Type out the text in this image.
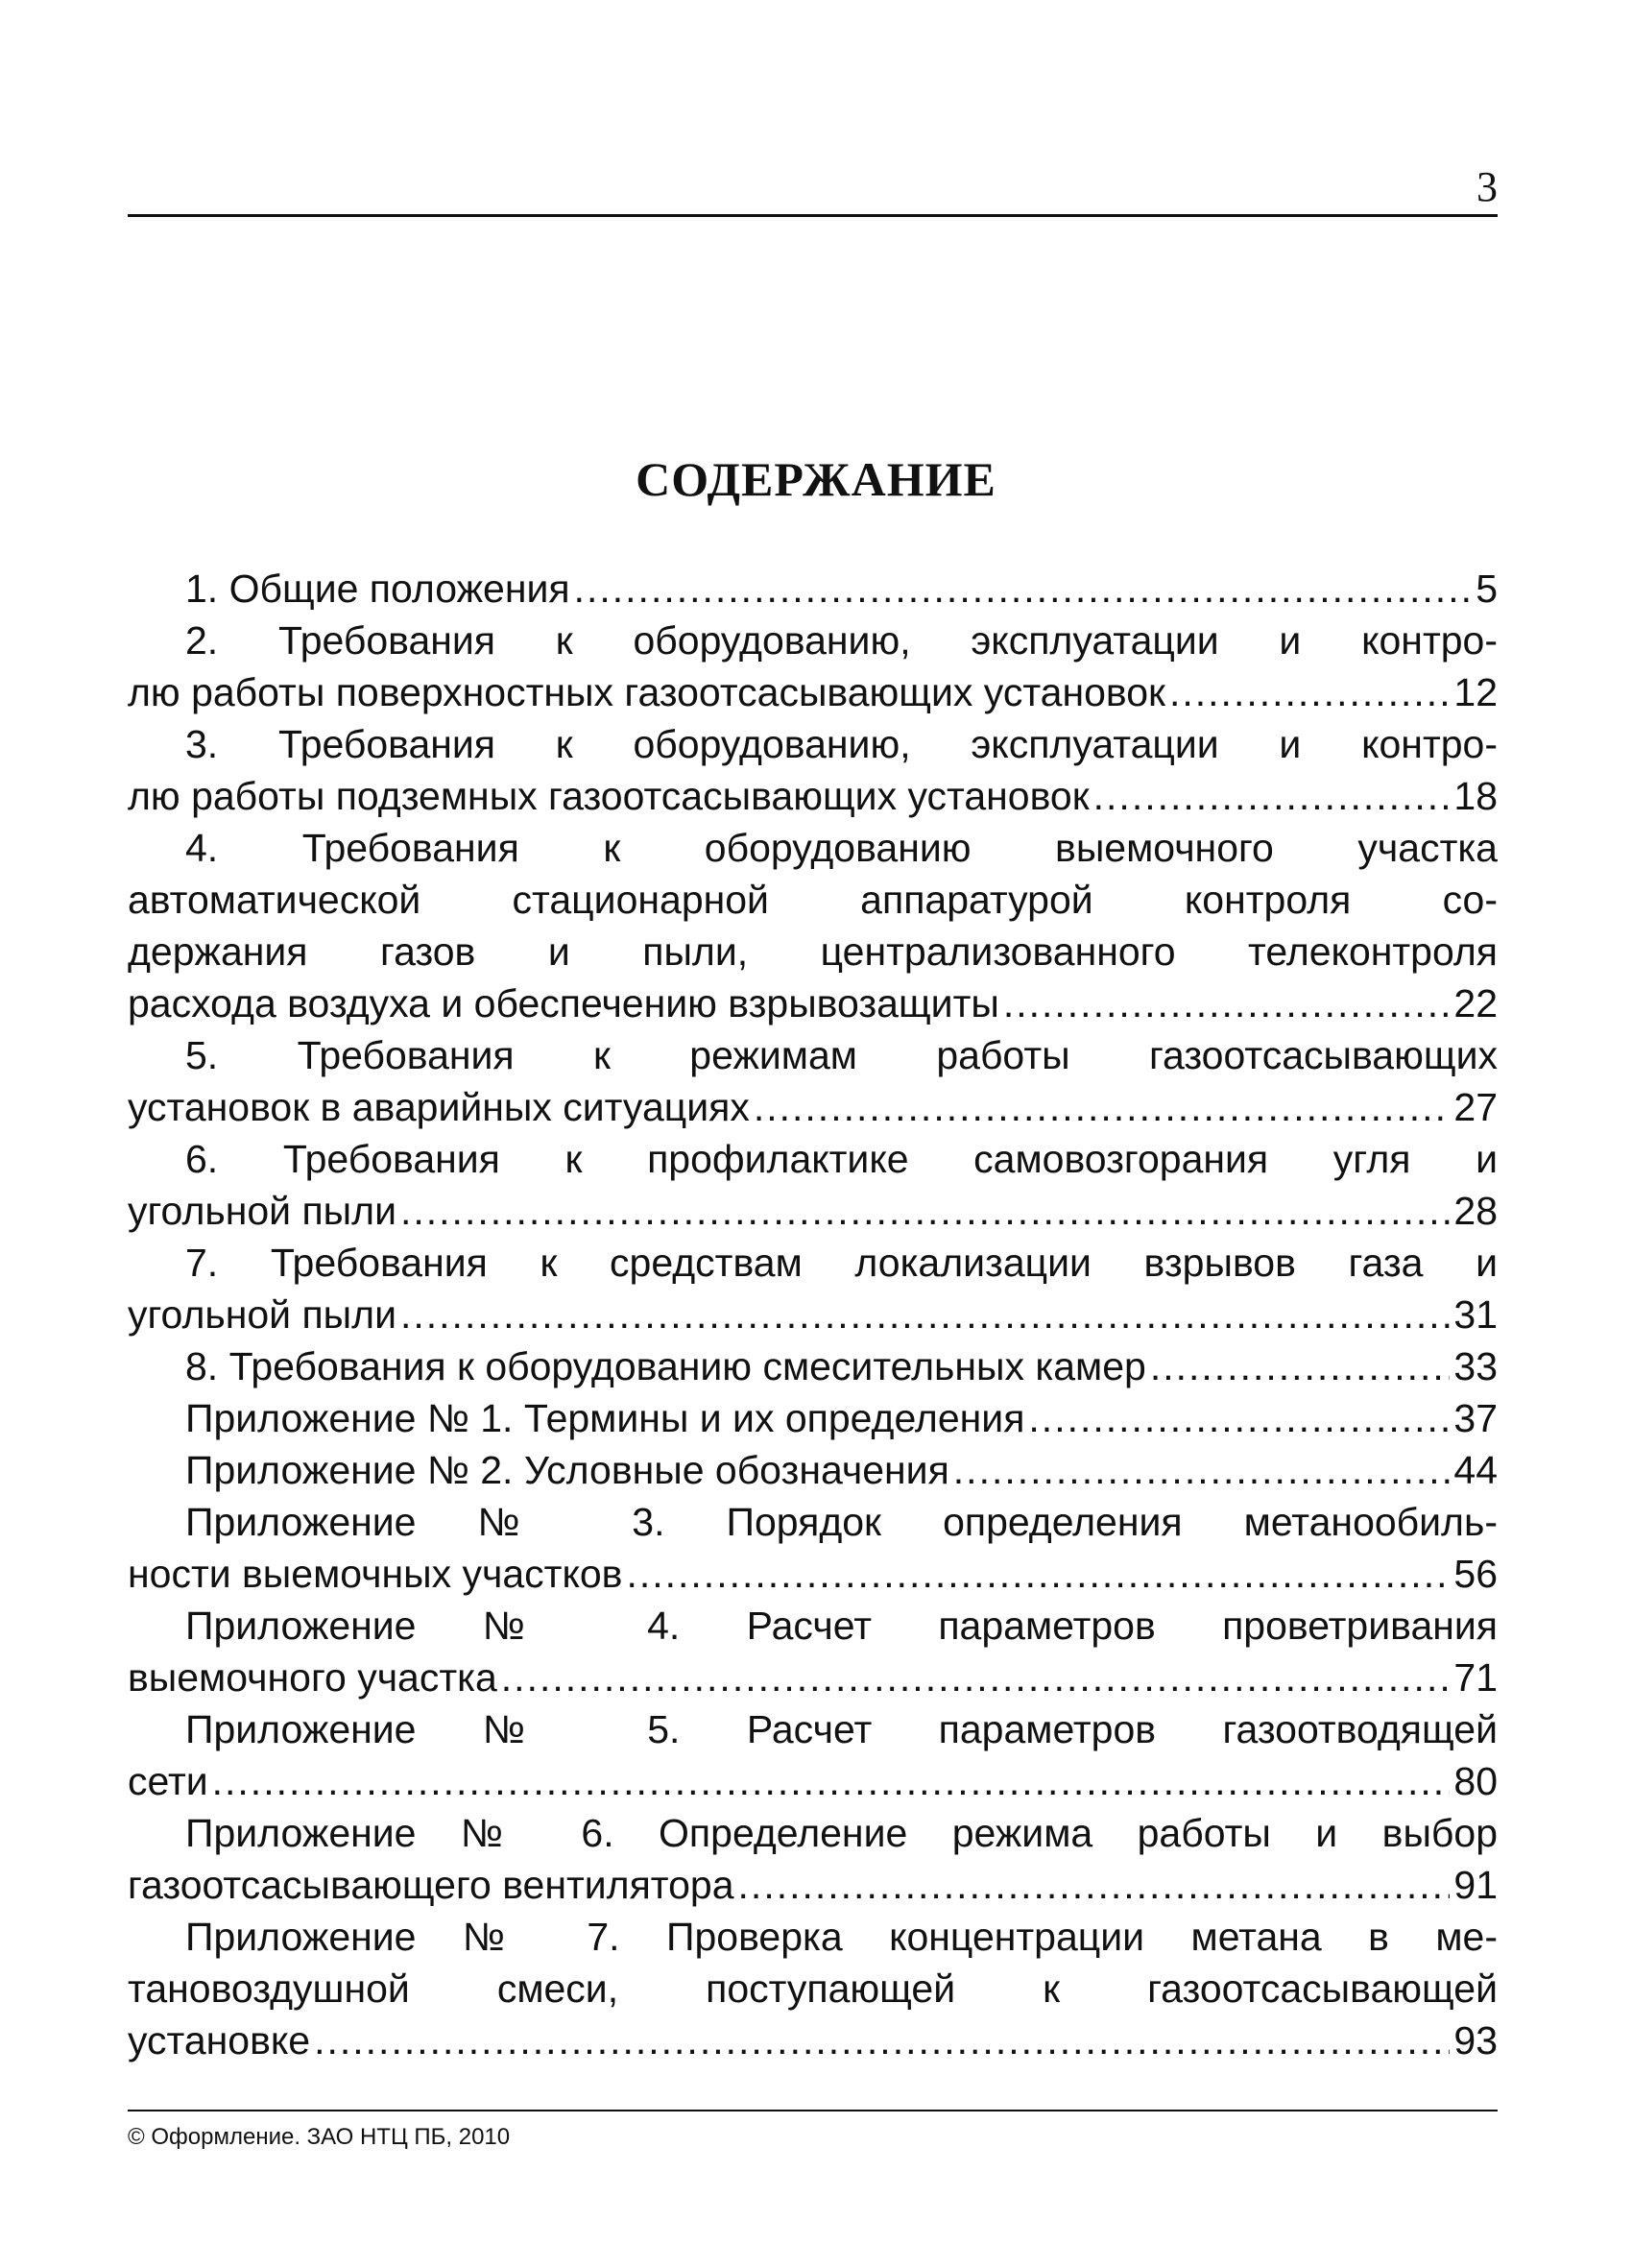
3
СОДЕРЖАНИЕ
1. Общие положения .....	5
2. Требования к оборудованию, эксплуатации и контро-
лю работы поверхностных газоотсасывающих установок .....	12
3. Требования к оборудованию, эксплуатации и контро-
лю работы подземных газоотсасывающих установок .....	18
4. Требования к оборудованию выемочного участка
автоматической стационарной аппаратурой контроля со-
держания газов и пыли, централизованного телеконтроля
расхода воздуха и обеспечению взрывозащиты .....	22
5. Требования к режимам работы газоотсасывающих
установок в аварийных ситуациях .....	27
6. Требования к профилактике самовозгорания угля и
угольной пыли .....	28
7. Требования к средствам локализации взрывов газа и
угольной пыли .....	31
8. Требования к оборудованию смесительных камер .....	33
Приложение № 1. Термины и их определения .....	37
Приложение № 2. Условные обозначения .....	44
Приложение № 3. Порядок определения метанообиль-
ности выемочных участков .....	56
Приложение № 4. Расчет параметров проветривания
выемочного участка .....	71
Приложение № 5. Расчет параметров газоотводящей
сети .....	80
Приложение № 6. Определение режима работы и выбор
газоотсасывающего вентилятора .....	91
Приложение № 7. Проверка концентрации метана в ме-
тановоздушной смеси, поступающей к газоотсасывающей
установке .....	93
© Оформление. ЗАО НТЦ ПБ, 2010
